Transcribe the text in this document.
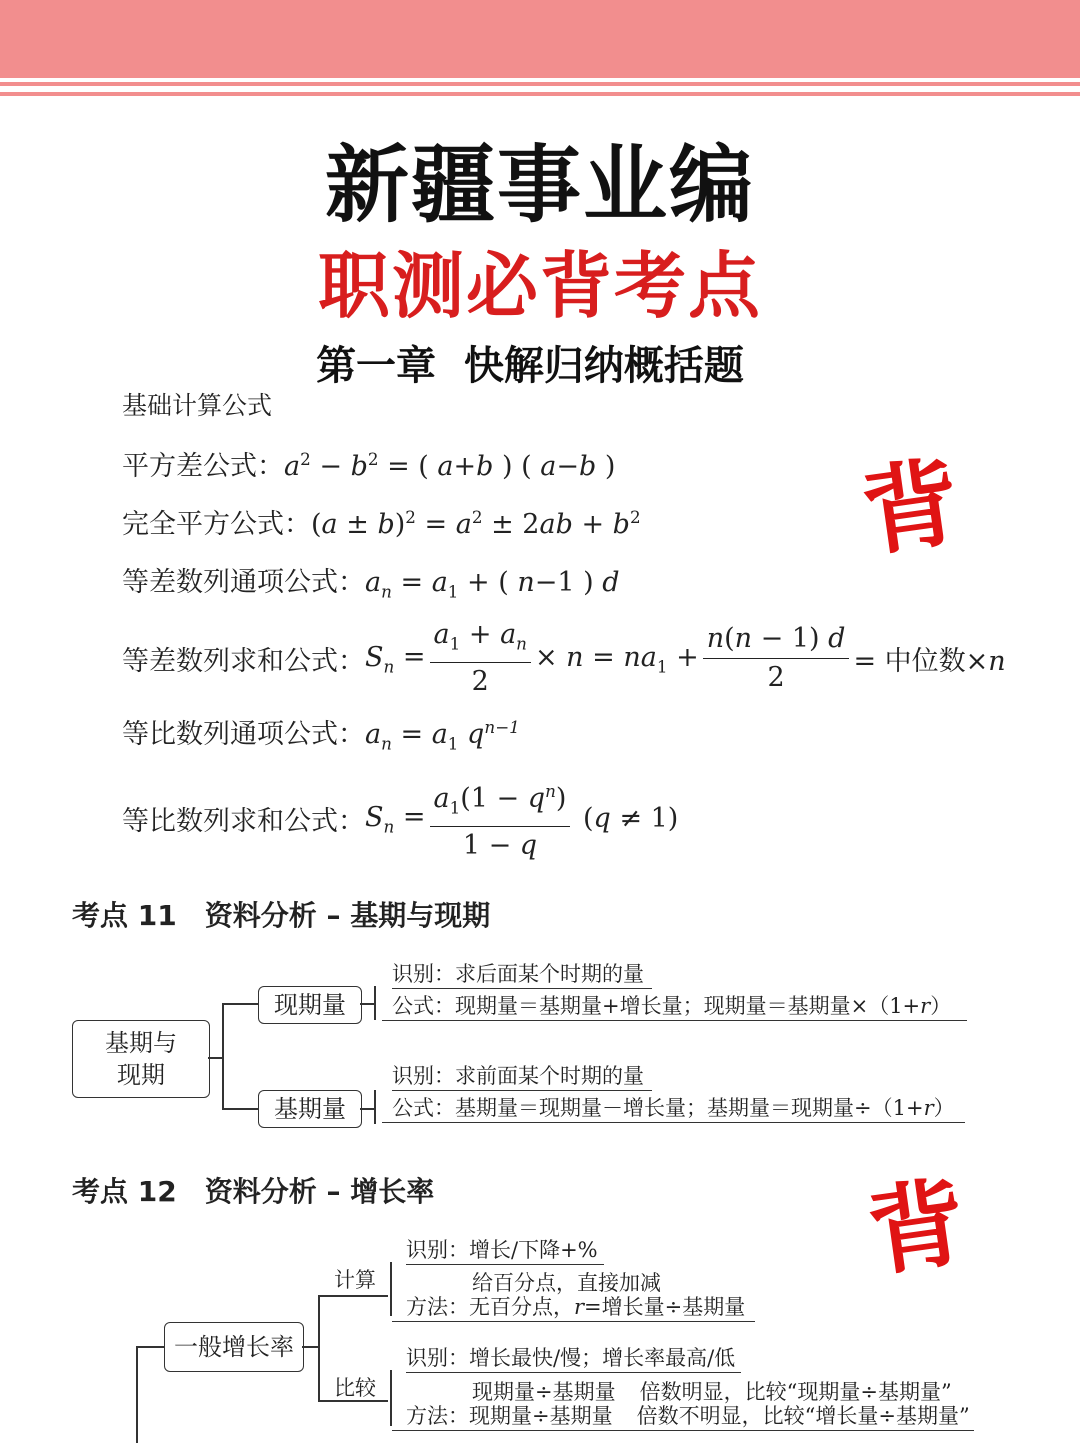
新疆事业编
职测必背考点
第一章  快解归纳概括题
基础计算公式
平方差公式：$a^2 - b^2$ = ( a+b ) ( a−b )
完全平方公式：$(a \pm b)^2 = a^2 \pm 2ab + b^2$
等差数列通项公式：$a_n = a_1$ + ( n−1 ) d
等差数列求和公式：$S_n = \frac{a_1 + a_n}{2} \times n = na_1 + \frac{n(n - 1) d}{2}$ = 中位数×n
等比数列通项公式：$a_n = a_1$ $q^{n-1}$
等比数列求和公式：$S_n = \frac{a_1(1 - q^n)}{1 - q} (q \ne 1)$
背
背
考点 11　资料分析 – 基期与现期
基期与
现期
现期量
识别：求后面某个时期的量
公式：现期量＝基期量+增长量；现期量＝基期量×（1+r）
基期量
识别：求前面某个时期的量
公式：基期量＝现期量－增长量；基期量＝现期量÷（1+r）
考点 12　资料分析 – 增长率
一般增长率
计算
识别：增长/下降+%
给百分点，直接加减
方法：无百分点，r=增长量÷基期量
比较
识别：增长最快/慢；增长率最高/低
现期量÷基期量 倍数明显，比较“现期量÷基期量”
方法：现期量÷基期量 倍数不明显，比较“增长量÷基期量”
